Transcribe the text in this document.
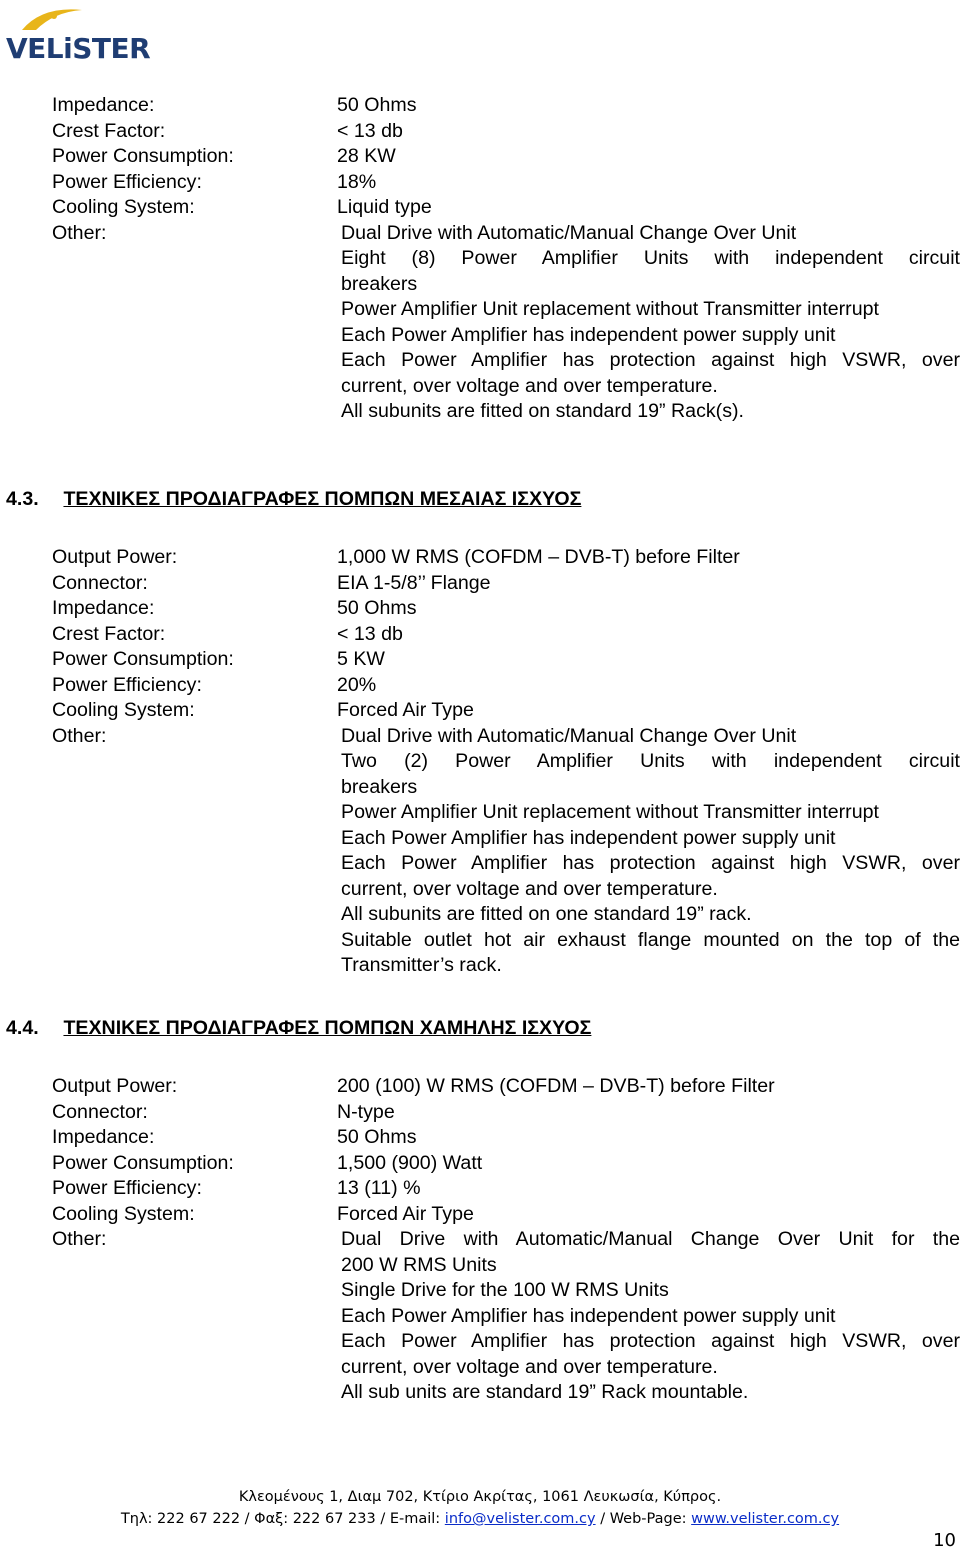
VELiSTER
Impedance:	50 Ohms
Crest Factor:	< 13 db
Power Consumption:	28 KW
Power Efficiency:	18%
Cooling System:	Liquid type
Other:	Dual Drive with Automatic/Manual Change Over Unit
Eight (8) Power Amplifier Units with independent circuit
breakers
Power Amplifier Unit replacement without Transmitter interrupt
Each Power Amplifier has independent power supply unit
Each Power Amplifier has protection against high VSWR, over
current, over voltage and over temperature.
All subunits are fitted on standard 19” Rack(s).
4.3. ΤΕΧΝΙΚΕΣ ΠΡΟΔΙΑΓΡΑΦΕΣ ΠΟΜΠΩΝ ΜΕΣΑΙΑΣ ΙΣΧΥΟΣ
Output Power:	1,000 W RMS (COFDM – DVB-T) before Filter
Connector:	EIA 1-5/8’’ Flange
Impedance:	50 Ohms
Crest Factor:	< 13 db
Power Consumption:	5 KW
Power Efficiency:	20%
Cooling System:	Forced Air Type
Other:	Dual Drive with Automatic/Manual Change Over Unit
Two (2) Power Amplifier Units with independent circuit
breakers
Power Amplifier Unit replacement without Transmitter interrupt
Each Power Amplifier has independent power supply unit
Each Power Amplifier has protection against high VSWR, over
current, over voltage and over temperature.
All subunits are fitted on one standard 19” rack.
Suitable outlet hot air exhaust flange mounted on the top of the
Transmitter’s rack.
4.4. ΤΕΧΝΙΚΕΣ ΠΡΟΔΙΑΓΡΑΦΕΣ ΠΟΜΠΩΝ ΧΑΜΗΛΗΣ ΙΣΧΥΟΣ
Output Power:	200 (100) W RMS (COFDM – DVB-T) before Filter
Connector:	N-type
Impedance:	50 Ohms
Power Consumption:	1,500 (900) Watt
Power Efficiency:	13 (11) %
Cooling System:	Forced Air Type
Other:	Dual Drive with Automatic/Manual Change Over Unit for the
200 W RMS Units
Single Drive for the 100 W RMS Units
Each Power Amplifier has independent power supply unit
Each Power Amplifier has protection against high VSWR, over
current, over voltage and over temperature.
All sub units are standard 19” Rack mountable.
Κλεομένους 1, Διαμ 702, Κτίριο Ακρίτας, 1061 Λευκωσία, Κύπρος.
Τηλ: 222 67 222 / Φαξ: 222 67 233 / E-mail: info@velister.com.cy / Web-Page: www.velister.com.cy
10
